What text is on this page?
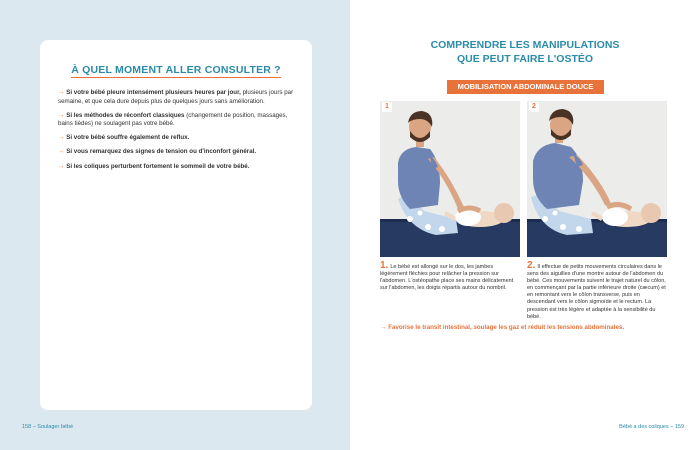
À QUEL MOMENT ALLER CONSULTER ?
→ Si votre bébé pleure intensément plusieurs heures par jour, plusieurs jours par semaine, et que cela dure depuis plus de quelques jours sans amélioration.
→ Si les méthodes de réconfort classiques (changement de position, massages, bains tièdes) ne soulagent pas votre bébé.
→ Si votre bébé souffre également de reflux.
→ Si vous remarquez des signes de tension ou d'inconfort général.
→ Si les coliques perturbent fortement le sommeil de votre bébé.
158 – Soulager bébé
COMPRENDRE LES MANIPULATIONS
QUE PEUT FAIRE L'OSTÉO
MOBILISATION ABDOMINALE DOUCE
1	2
1. Le bébé est allongé sur le dos, les jambes légèrement fléchies pour relâcher la pression sur l'abdomen. L'ostéopathe place ses mains délicatement sur l'abdomen, les doigts répartis autour du nombril.
2. Il effectue de petits mouvements circulaires dans le sens des aiguilles d'une montre autour de l'abdomen du bébé. Ces mouvements suivent le trajet naturel du côlon, en commençant par la partie inférieure droite (cæcum) et en remontant vers le côlon transverse, puis en descendant vers le côlon sigmoïde et le rectum. La pression est très légère et adaptée à la sensibilité du bébé.
→ Favorise le transit intestinal, soulage les gaz et réduit les tensions abdominales.
Bébé a des coliques – 159
